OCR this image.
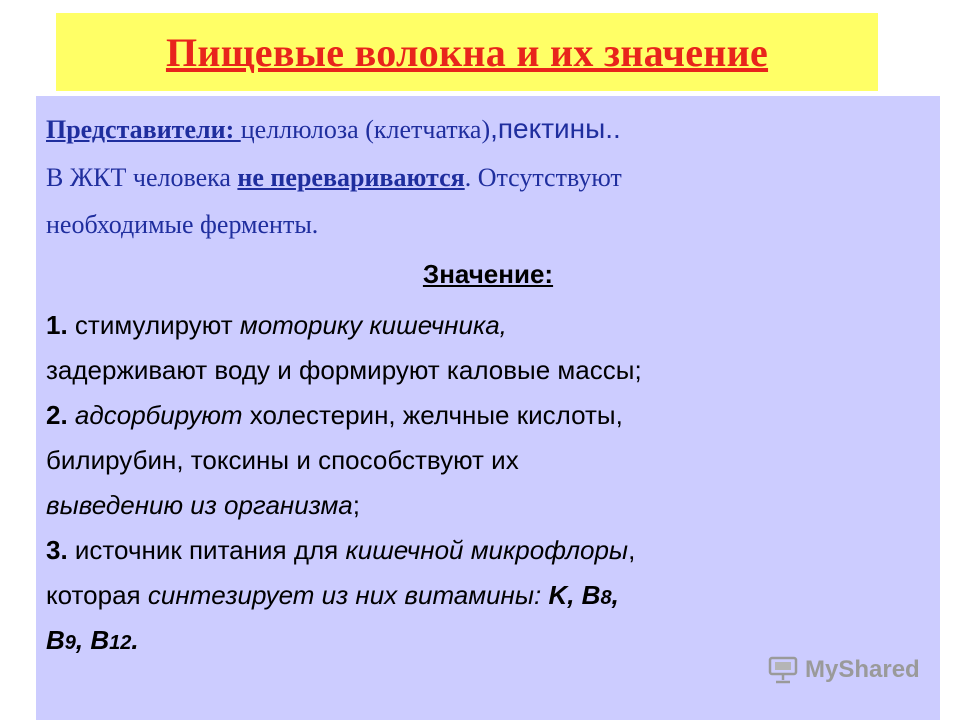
Пищевые волокна и их значение
Представители: целлюлоза (клетчатка),пектины..
В ЖКТ человека не перевариваются. Отсутствуют
необходимые ферменты.
Значение:
1. стимулируют моторику кишечника,
задерживают воду и формируют каловые массы;
2. адсорбируют холестерин, желчные кислоты,
билирубин, токсины и способствуют их
выведению из организма;
3. источник питания для кишечной микрофлоры,
которая синтезирует из них витамины: K, B8,
B9, B12.
MyShared
